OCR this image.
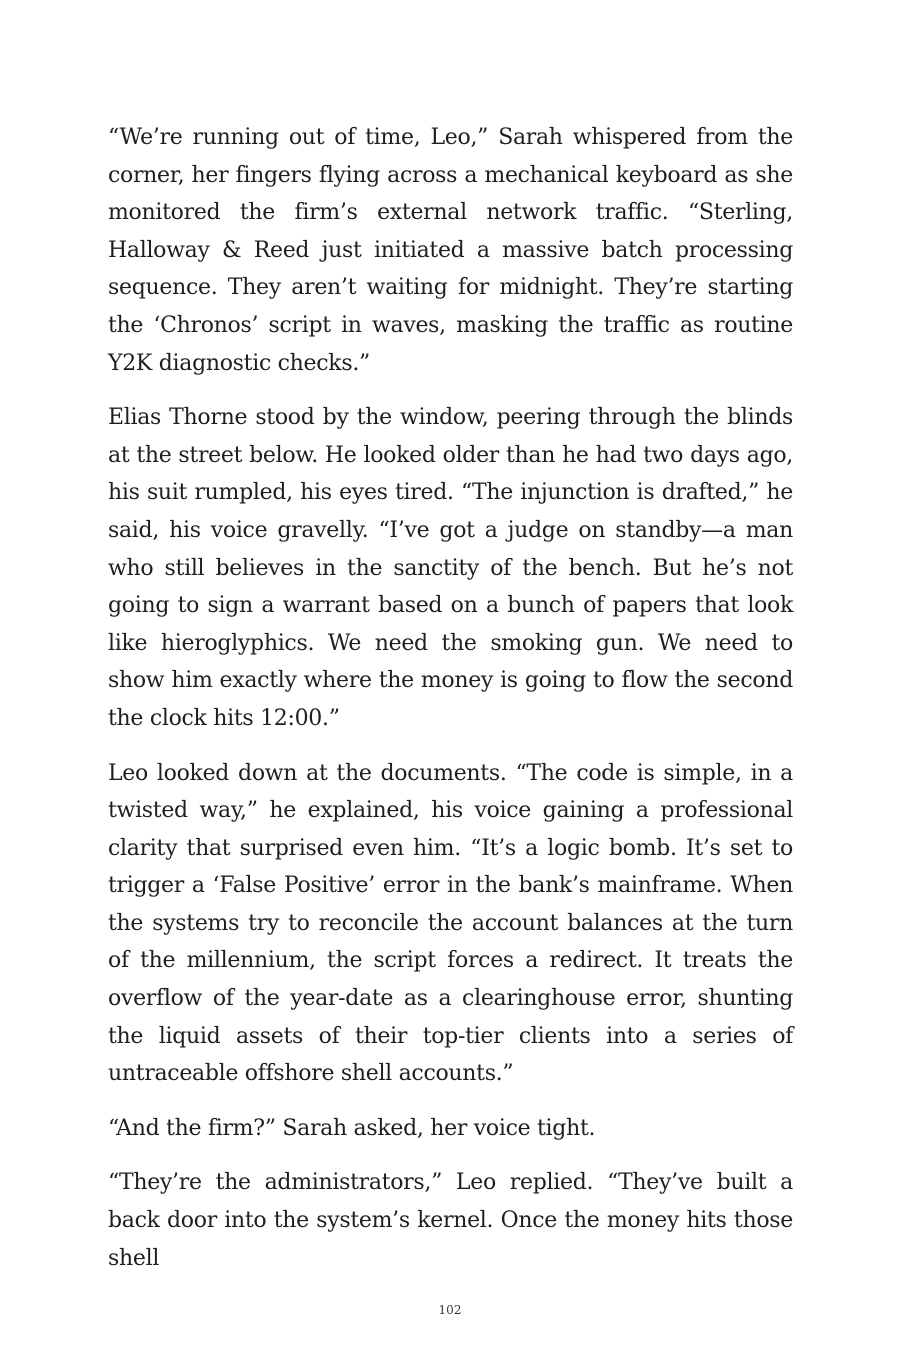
“We’re running out of time, Leo,” Sarah whispered from the corner, her fingers flying across a mechanical keyboard as she monitored the firm’s external network traffic. “Sterling, Halloway & Reed just initiated a massive batch processing sequence. They aren’t waiting for midnight. They’re starting the ‘Chronos’ script in waves, masking the traffic as routine Y2K diagnostic checks.”

Elias Thorne stood by the window, peering through the blinds at the street below. He looked older than he had two days ago, his suit rumpled, his eyes tired. “The injunction is drafted,” he said, his voice gravelly. “I’ve got a judge on standby—a man who still believes in the sanctity of the bench. But he’s not going to sign a warrant based on a bunch of papers that look like hieroglyphics. We need the smoking gun. We need to show him exactly where the money is going to flow the second the clock hits 12:00.”

Leo looked down at the documents. “The code is simple, in a twisted way,” he explained, his voice gaining a professional clarity that surprised even him. “It’s a logic bomb. It’s set to trigger a ‘False Positive’ error in the bank’s mainframe. When the systems try to reconcile the account balances at the turn of the millennium, the script forces a redirect. It treats the overflow of the year-date as a clearinghouse error, shunting the liquid assets of their top-tier clients into a series of untraceable offshore shell accounts.”

“And the firm?” Sarah asked, her voice tight.

“They’re the administrators,” Leo replied. “They’ve built a back door into the system’s kernel. Once the money hits those shell

102
